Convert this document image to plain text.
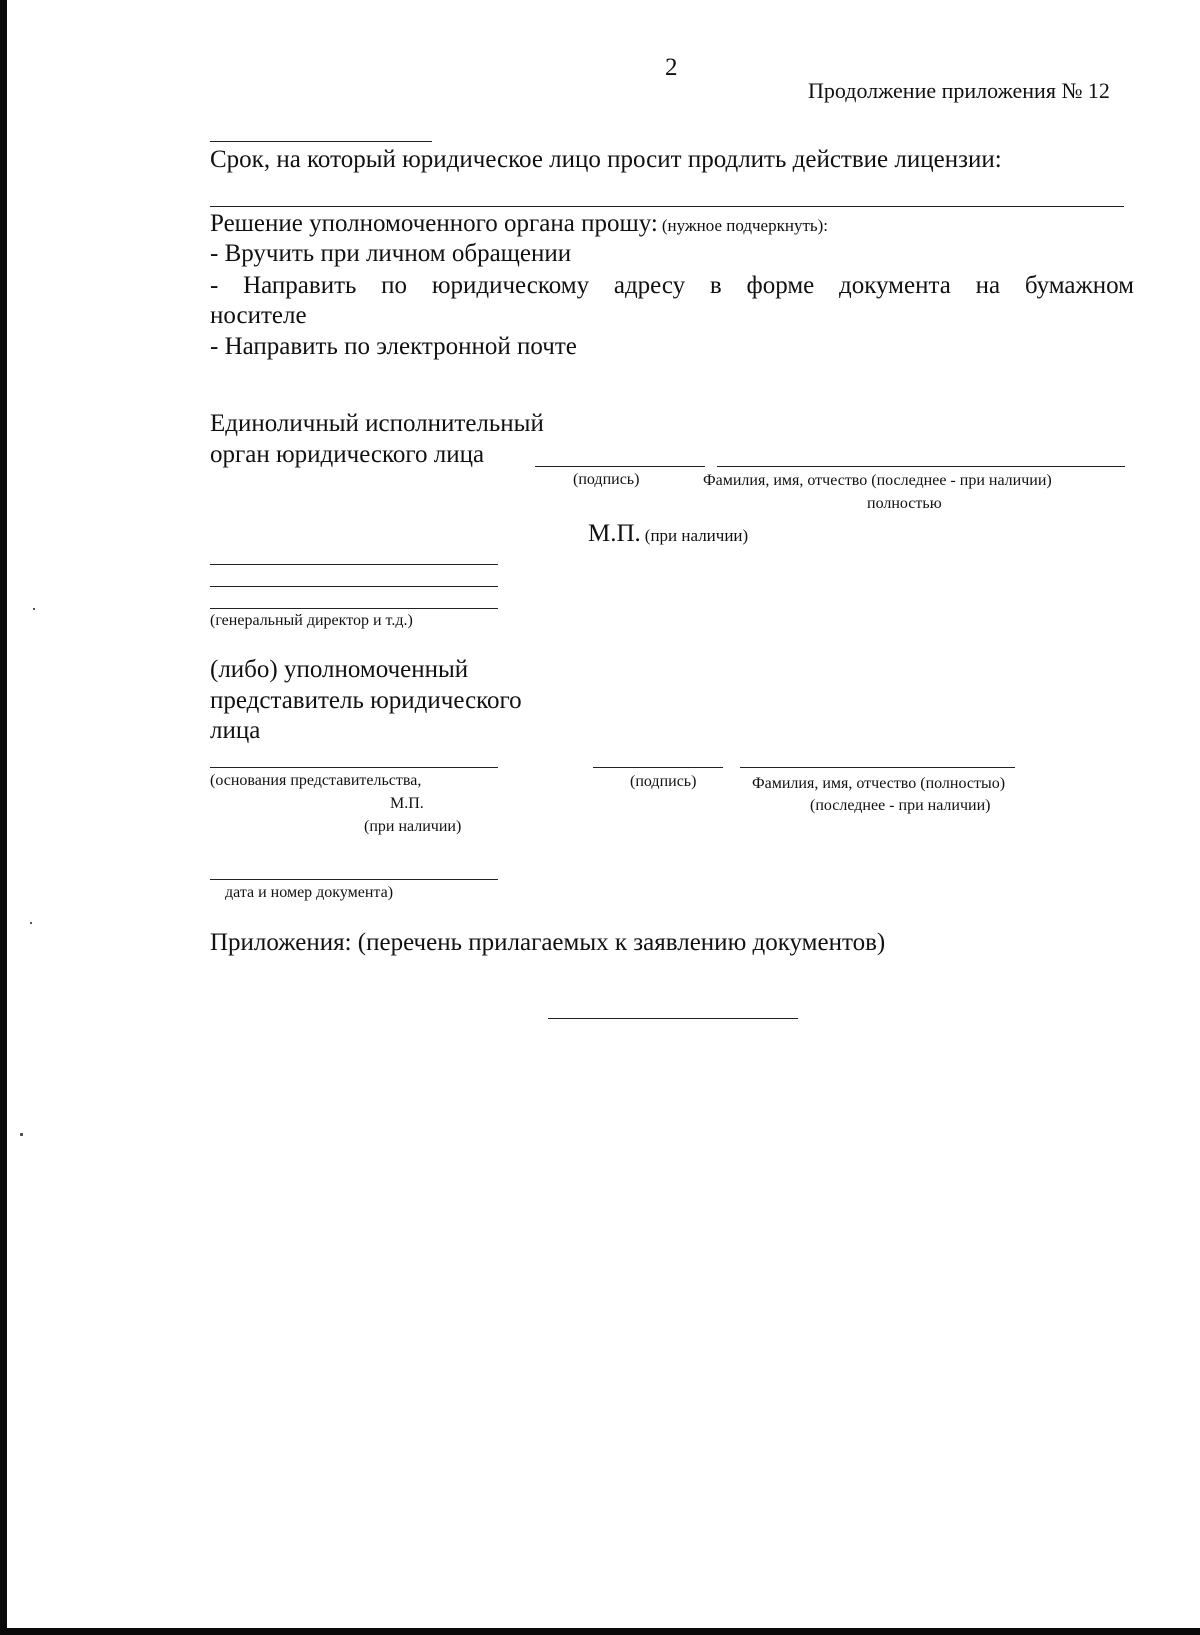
2
Продолжение приложения № 12
Срок, на который юридическое лицо просит продлить действие лицензии:
Решение уполномоченного органа прошу: (нужное подчеркнуть):
- Вручить при личном обращении
- Направить по юридическому адресу в форме документа на бумажном
носителе
- Направить по электронной почте
Единоличный исполнительный
орган юридического лица
(подпись)	Фамилия, имя, отчество (последнее - при наличии)
полностью
М.П. (при наличии)
(генеральный директор и т.д.)
(либо) уполномоченный
представитель юридического
лица
(основания представительства,
М.П.
(при наличии)
(подпись)	Фамилия, имя, отчество (полностыо)
(последнее - при наличии)
дата и номер документа)
Приложения: (перечень прилагаемых к заявлению документов)
